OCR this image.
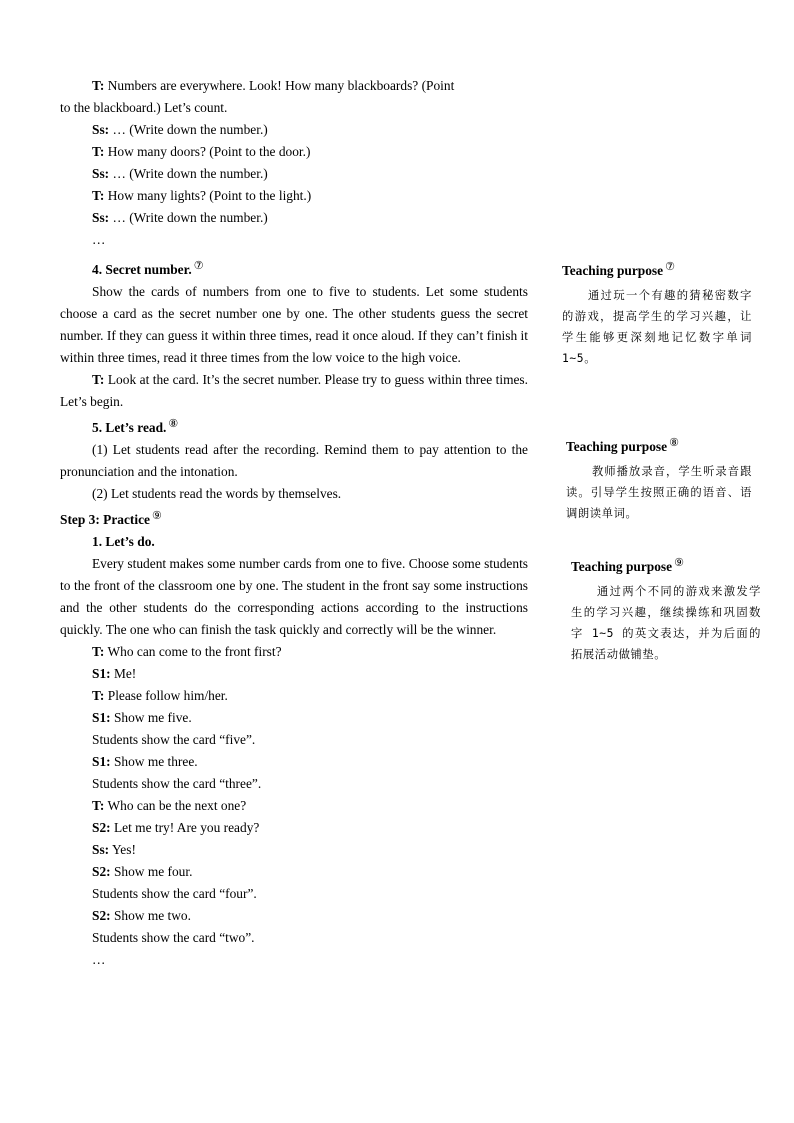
T: Numbers are everywhere. Look! How many blackboards? (Point

to the blackboard.) Let’s count.

Ss: … (Write down the number.)

T: How many doors? (Point to the door.)

Ss: … (Write down the number.)

T: How many lights? (Point to the light.)

Ss: … (Write down the number.)

…

4. Secret number. ⑦

Show the cards of numbers from one to five to students. Let some students choose a card as the secret number one by one. The other students guess the secret number. If they can guess it within three times, read it once aloud. If they can’t finish it within three times, read it three times from the low voice to the high voice.

T: Look at the card. It’s the secret number. Please try to guess within three times. Let’s begin.

5. Let’s read. ⑧

(1) Let students read after the recording. Remind them to pay attention to the pronunciation and the intonation.

(2) Let students read the words by themselves.

Step 3: Practice ⑨

1. Let’s do.

Every student makes some number cards from one to five. Choose some students to the front of the classroom one by one. The student in the front say some instructions and the other students do the corresponding actions according to the instructions quickly. The one who can finish the task quickly and correctly will be the winner.

T: Who can come to the front first?

S1: Me!

T: Please follow him/her.

S1: Show me five.

Students show the card “five”.

S1: Show me three.

Students show the card “three”.

T: Who can be the next one?

S2: Let me try! Are you ready?

Ss: Yes!

S2: Show me four.

Students show the card “four”.

S2: Show me two.

Students show the card “two”.

…

Teaching purpose ⑦

通过玩一个有趣的猜秘密数字的游戏，提高学生的学习兴趣，让学生能够更深刻地记忆数字单词 1~5。

Teaching purpose ⑧

教师播放录音，学生听录音跟读。引导学生按照正确的语音、语调朗读单词。

Teaching purpose ⑨

通过两个不同的游戏来激发学生的学习兴趣，继续操练和巩固数字 1~5 的英文表达，并为后面的拓展活动做铺垫。
